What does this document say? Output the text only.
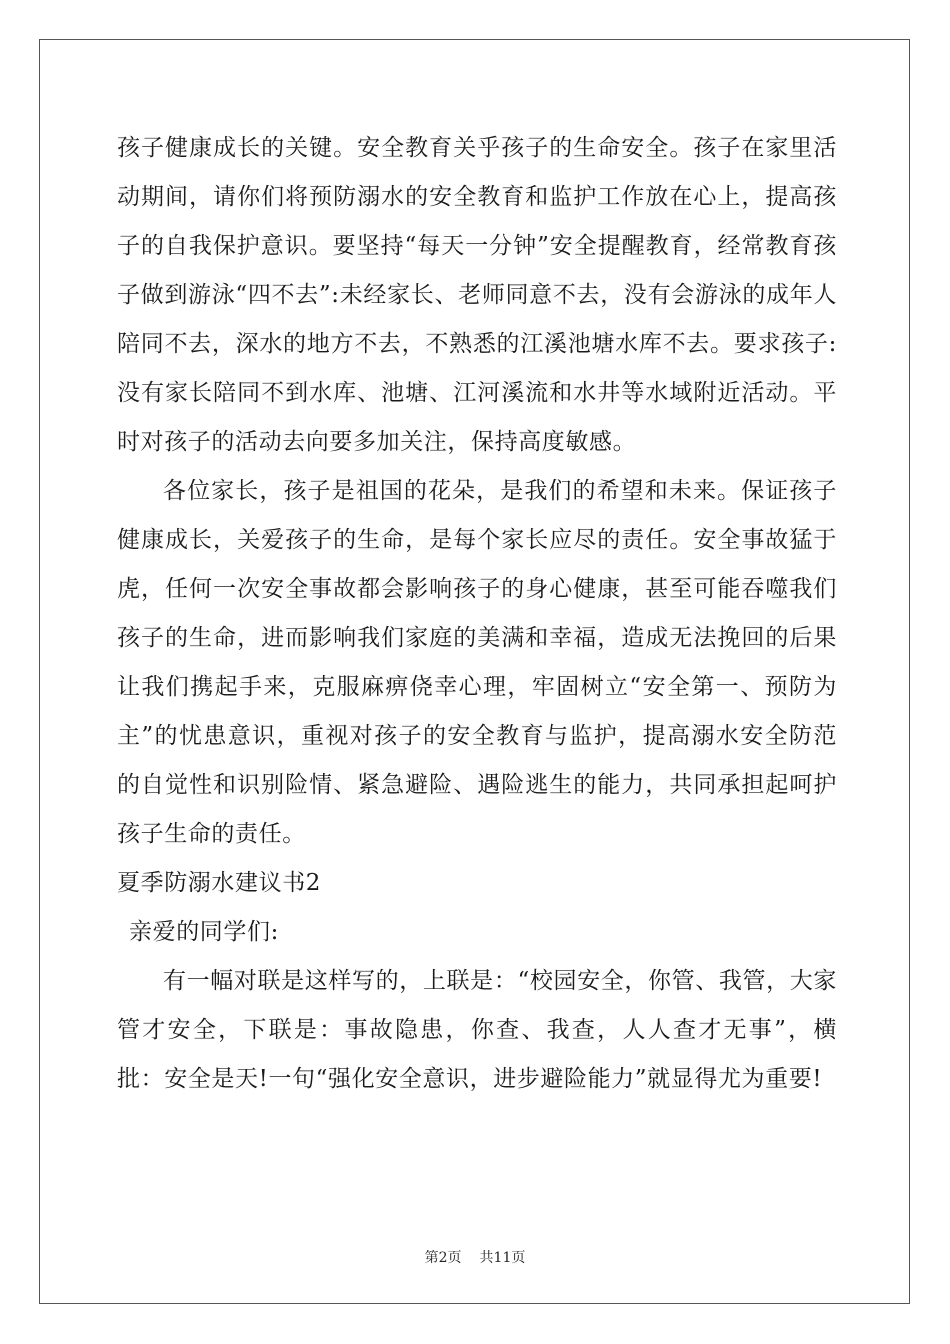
孩子健康成长的关键。安全教育关乎孩子的生命安全。孩子在家里活动期间，请你们将预防溺水的安全教育和监护工作放在心上，提高孩子的自我保护意识。要坚持“每天一分钟”安全提醒教育，经常教育孩子做到游泳“四不去”:未经家长、老师同意不去，没有会游泳的成年人陪同不去，深水的地方不去，不熟悉的江溪池塘水库不去。要求孩子:没有家长陪同不到水库、池塘、江河溪流和水井等水域附近活动。平时对孩子的活动去向要多加关注，保持高度敏感。

各位家长，孩子是祖国的花朵，是我们的希望和未来。保证孩子健康成长，关爱孩子的生命，是每个家长应尽的责任。安全事故猛于虎，任何一次安全事故都会影响孩子的身心健康，甚至可能吞噬我们孩子的生命，进而影响我们家庭的美满和幸福，造成无法挽回的后果让我们携起手来，克服麻痹侥幸心理，牢固树立“安全第一、预防为主”的忧患意识，重视对孩子的安全教育与监护，提高溺水安全防范的自觉性和识别险情、紧急避险、遇险逃生的能力，共同承担起呵护孩子生命的责任。

夏季防溺水建议书2

亲爱的同学们:

有一幅对联是这样写的，上联是：“校园安全，你管、我管，大家管才安全，下联是：事故隐患，你查、我查，人人查才无事”，横批：安全是天!一句“强化安全意识，进步避险能力”就显得尤为重要!

第2页 共11页
